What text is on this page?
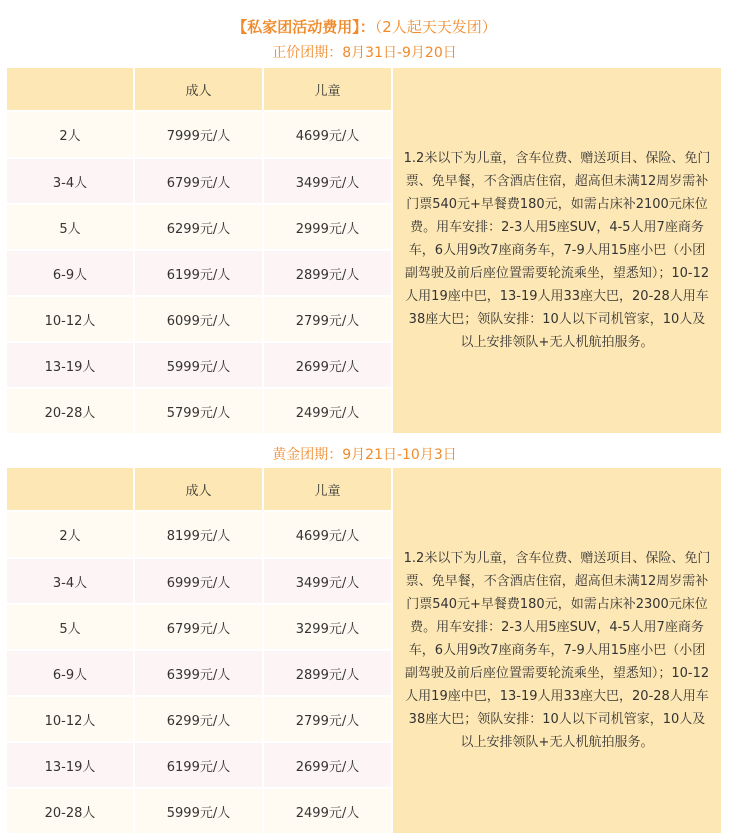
【私家团活动费用】：（2人起天天发团）
正价团期：8月31日-9月20日
	成人	儿童	1.2米以下为儿童，含车位费、赠送项目、保险、免门票、免早餐，不含酒店住宿，超高但未满12周岁需补门票540元+早餐费180元，如需占床补2100元床位费。用车安排：2-3人用5座SUV，4-5人用7座商务车，6人用9改7座商务车，7-9人用15座小巴（小团副驾驶及前后座位置需要轮流乘坐，望悉知）；10-12人用19座中巴，13-19人用33座大巴，20-28人用车38座大巴；领队安排：10人以下司机管家，10人及以上安排领队+无人机航拍服务。
2人	7999元/人	4699元/人	
3-4人	6799元/人	3499元/人	
5人	6299元/人	2999元/人	
6-9人	6199元/人	2899元/人	
10-12人	6099元/人	2799元/人	
13-19人	5999元/人	2699元/人	
20-28人	5799元/人	2499元/人	
黄金团期：9月21日-10月3日
	成人	儿童	1.2米以下为儿童，含车位费、赠送项目、保险、免门票、免早餐，不含酒店住宿，超高但未满12周岁需补门票540元+早餐费180元，如需占床补2300元床位费。用车安排：2-3人用5座SUV，4-5人用7座商务车，6人用9改7座商务车，7-9人用15座小巴（小团副驾驶及前后座位置需要轮流乘坐，望悉知）；10-12人用19座中巴，13-19人用33座大巴，20-28人用车38座大巴；领队安排：10人以下司机管家，10人及以上安排领队+无人机航拍服务。
2人	8199元/人	4699元/人	
3-4人	6999元/人	3499元/人	
5人	6799元/人	3299元/人	
6-9人	6399元/人	2899元/人	
10-12人	6299元/人	2799元/人	
13-19人	6199元/人	2699元/人	
20-28人	5999元/人	2499元/人	
